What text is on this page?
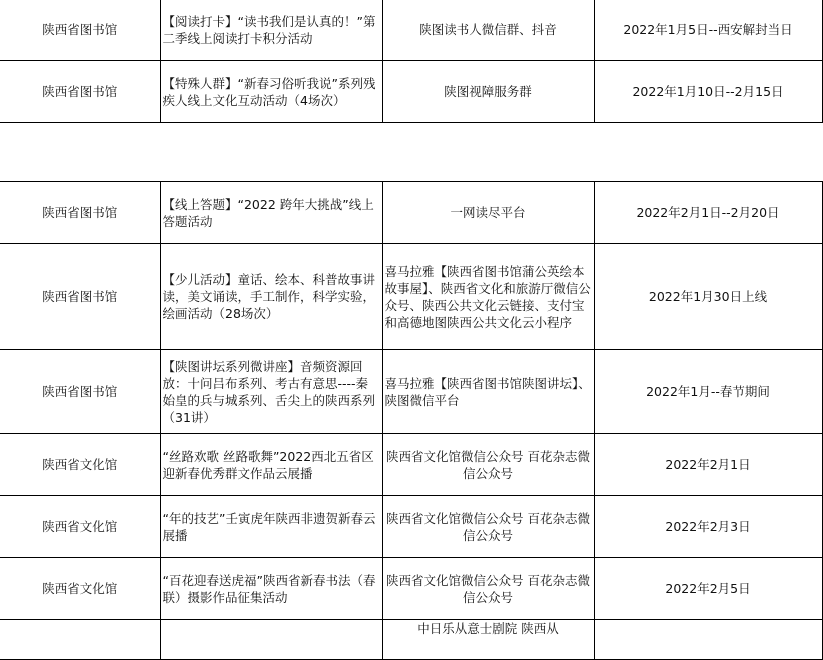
陕西省图书馆	【阅读打卡】“读书我们是认真的！”第二季线上阅读打卡积分活动	陕图读书人微信群、抖音	2022年1月5日--西安解封当日
陕西省图书馆	【特殊人群】“新春习俗听我说”系列残疾人线上文化互动活动（4场次）	陕图视障服务群	2022年1月10日--2月15日
陕西省图书馆	【线上答题】“2022 跨年大挑战”线上答题活动	一网读尽平台	2022年2月1日--2月20日
陕西省图书馆	【少儿活动】童话、绘本、科普故事讲读，美文诵读，手工制作，科学实验，绘画活动（28场次）	喜马拉雅【陕西省图书馆蒲公英绘本故事屋】、陕西省文化和旅游厅微信公众号、陕西公共文化云链接、支付宝和高德地图陕西公共文化云小程序	2022年1月30日上线
陕西省图书馆	【陕图讲坛系列微讲座】音频资源回放：十问吕布系列、考古有意思----秦始皇的兵与城系列、舌尖上的陕西系列（31讲）	喜马拉雅【陕西省图书馆陕图讲坛】、陕图微信平台	2022年1月--春节期间
陕西省文化馆	“丝路欢歌 丝路歌舞”2022西北五省区迎新春优秀群文作品云展播	陕西省文化馆微信公众号 百花杂志微信公众号	2022年2月1日
陕西省文化馆	“年的技艺”壬寅虎年陕西非遗贺新春云展播	陕西省文化馆微信公众号 百花杂志微信公众号	2022年2月3日
陕西省文化馆	“百花迎春送虎福”陕西省新春书法（春联）摄影作品征集活动	陕西省文化馆微信公众号 百花杂志微信公众号	2022年2月5日
		中日乐从意士剧院 陕西从	
